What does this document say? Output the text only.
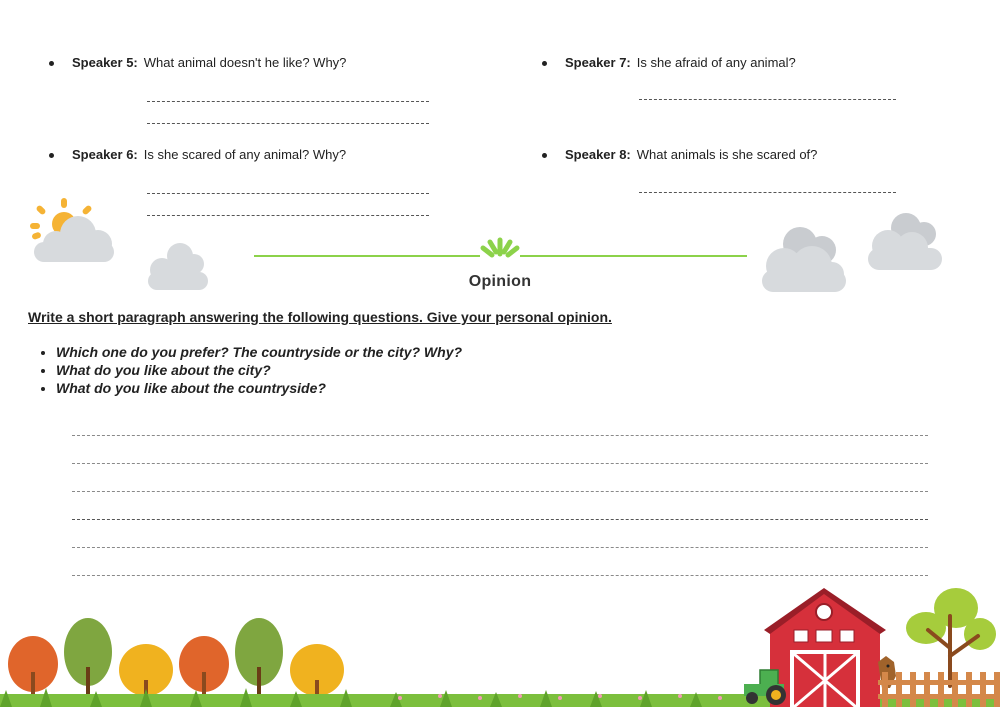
Speaker 5: What animal doesn't he like? Why?	Speaker 7: Is she afraid of any animal?
Speaker 6: Is she scared of any animal? Why?	Speaker 8: What animals is she scared of?
Opinion
Write a short paragraph answering the following questions. Give your personal opinion.
• Which one do you prefer? The countryside or the city? Why?
• What do you like about the city?
• What do you like about the countryside?
